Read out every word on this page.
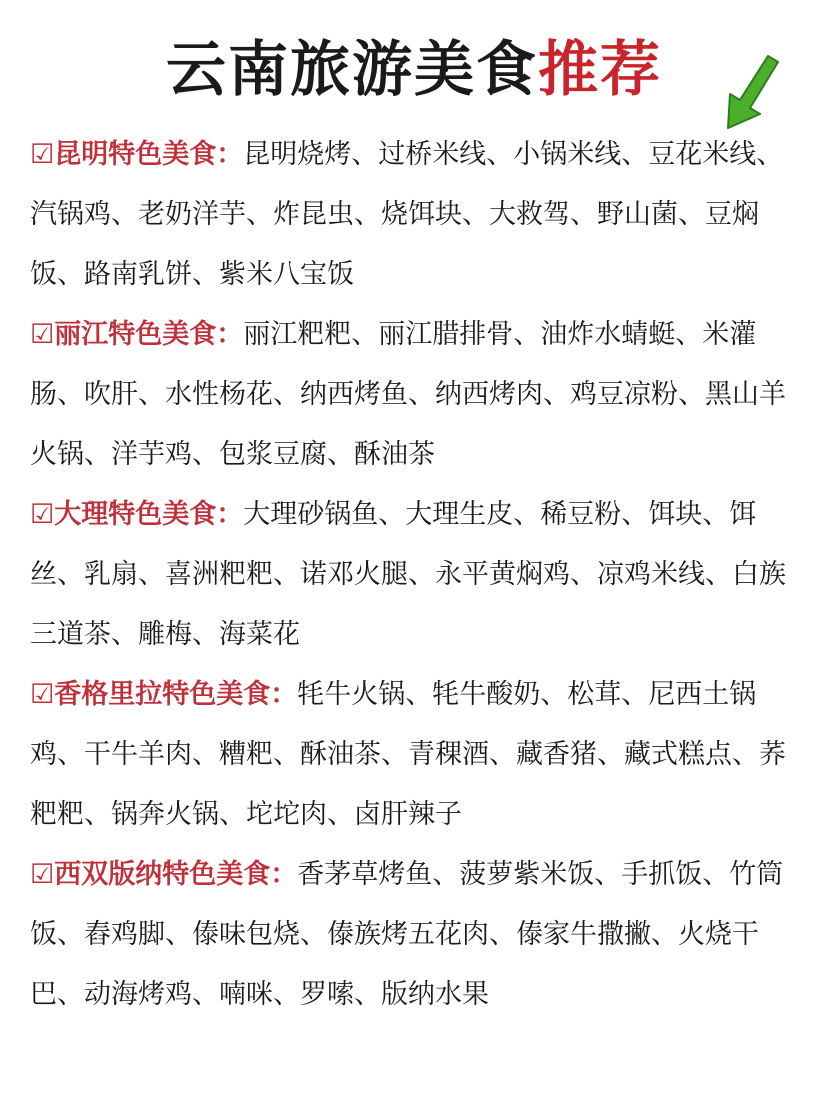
云南旅游美食推荐

☑昆明特色美食：昆明烧烤、过桥米线、小锅米线、豆花米线、汽锅鸡、老奶洋芋、炸昆虫、烧饵块、大救驾、野山菌、豆焖饭、路南乳饼、紫米八宝饭

☑丽江特色美食：丽江粑粑、丽江腊排骨、油炸水蜻蜓、米灌肠、吹肝、水性杨花、纳西烤鱼、纳西烤肉、鸡豆凉粉、黑山羊火锅、洋芋鸡、包浆豆腐、酥油茶

☑大理特色美食：大理砂锅鱼、大理生皮、稀豆粉、饵块、饵丝、乳扇、喜洲粑粑、诺邓火腿、永平黄焖鸡、凉鸡米线、白族三道茶、雕梅、海菜花

☑香格里拉特色美食：牦牛火锅、牦牛酸奶、松茸、尼西土锅鸡、干牛羊肉、糟粑、酥油茶、青稞酒、藏香猪、藏式糕点、荞粑粑、锅奔火锅、坨坨肉、卤肝辣子

☑西双版纳特色美食：香茅草烤鱼、菠萝紫米饭、手抓饭、竹筒饭、舂鸡脚、傣味包烧、傣族烤五花肉、傣家牛撒撇、火烧干巴、动海烤鸡、喃咪、罗嗦、版纳水果
